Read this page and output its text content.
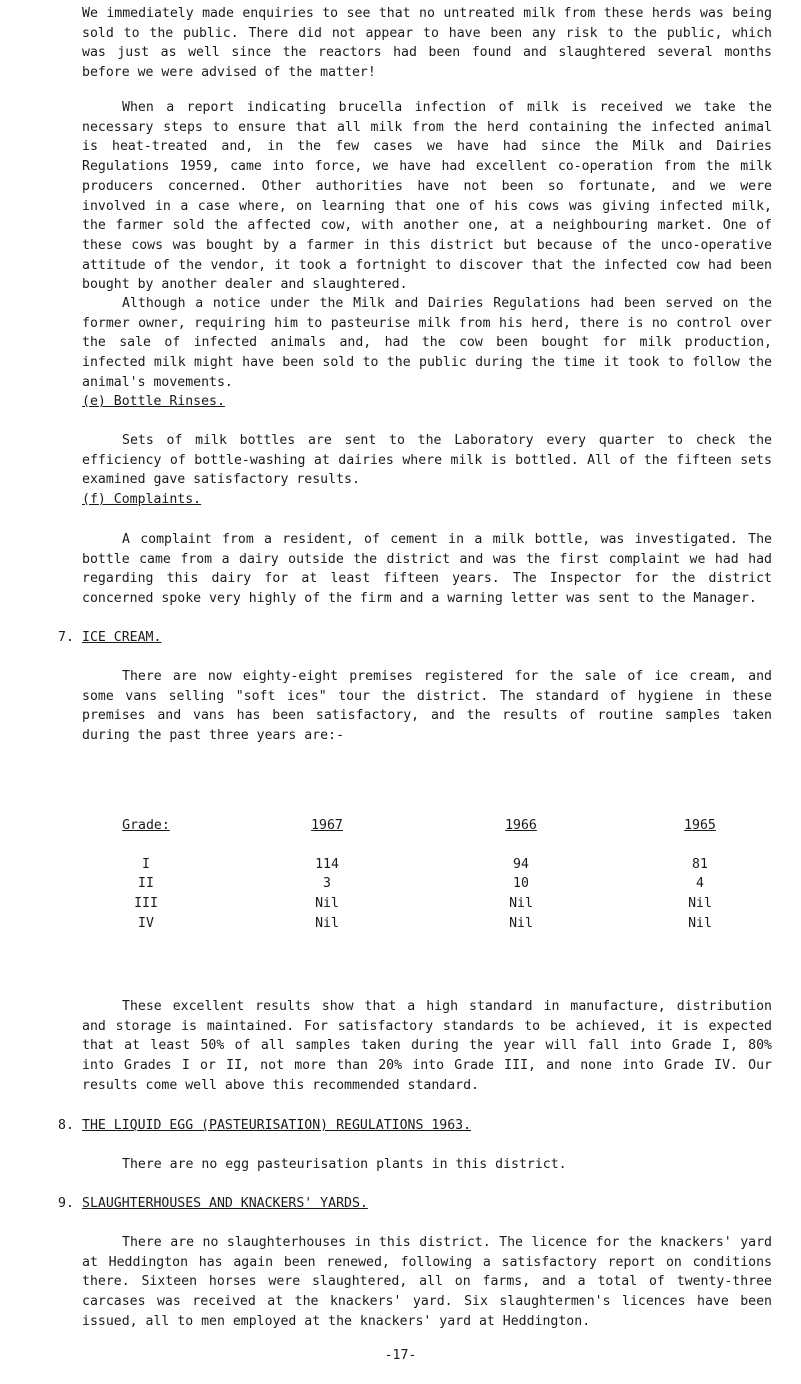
We immediately made enquiries to see that no untreated milk from these herds was being sold to the public. There did not appear to have been any risk to the public, which was just as well since the reactors had been found and slaughtered several months before we were advised of the matter!

When a report indicating brucella infection of milk is received we take the necessary steps to ensure that all milk from the herd containing the infected animal is heat-treated and, in the few cases we have had since the Milk and Dairies Regulations 1959, came into force, we have had excellent co-operation from the milk producers concerned. Other authorities have not been so fortunate, and we were involved in a case where, on learning that one of his cows was giving infected milk, the farmer sold the affected cow, with another one, at a neighbouring market. One of these cows was bought by a farmer in this district but because of the unco-operative attitude of the vendor, it took a fortnight to discover that the infected cow had been bought by another dealer and slaughtered.

Although a notice under the Milk and Dairies Regulations had been served on the former owner, requiring him to pasteurise milk from his herd, there is no control over the sale of infected animals and, had the cow been bought for milk production, infected milk might have been sold to the public during the time it took to follow the animal's movements.

(e) Bottle Rinses.

Sets of milk bottles are sent to the Laboratory every quarter to check the efficiency of bottle-washing at dairies where milk is bottled. All of the fifteen sets examined gave satisfactory results.

(f) Complaints.

A complaint from a resident, of cement in a milk bottle, was investigated. The bottle came from a dairy outside the district and was the first complaint we had had regarding this dairy for at least fifteen years. The Inspector for the district concerned spoke very highly of the firm and a warning letter was sent to the Manager.

7. ICE CREAM.

There are now eighty-eight premises registered for the sale of ice cream, and some vans selling "soft ices" tour the district. The standard of hygiene in these premises and vans has been satisfactory, and the results of routine samples taken during the past three years are:-

Grade:	1967	1966	1965
I	114	94	81
II	3	10	4
III	Nil	Nil	Nil
IV	Nil	Nil	Nil

These excellent results show that a high standard in manufacture, distribution and storage is maintained. For satisfactory standards to be achieved, it is expected that at least 50% of all samples taken during the year will fall into Grade I, 80% into Grades I or II, not more than 20% into Grade III, and none into Grade IV. Our results come well above this recommended standard.

8. THE LIQUID EGG (PASTEURISATION) REGULATIONS 1963.

There are no egg pasteurisation plants in this district.

9. SLAUGHTERHOUSES AND KNACKERS' YARDS.

There are no slaughterhouses in this district. The licence for the knackers' yard at Heddington has again been renewed, following a satisfactory report on conditions there. Sixteen horses were slaughtered, all on farms, and a total of twenty-three carcases was received at the knackers' yard. Six slaughtermen's licences have been issued, all to men employed at the knackers' yard at Heddington.

-17-
